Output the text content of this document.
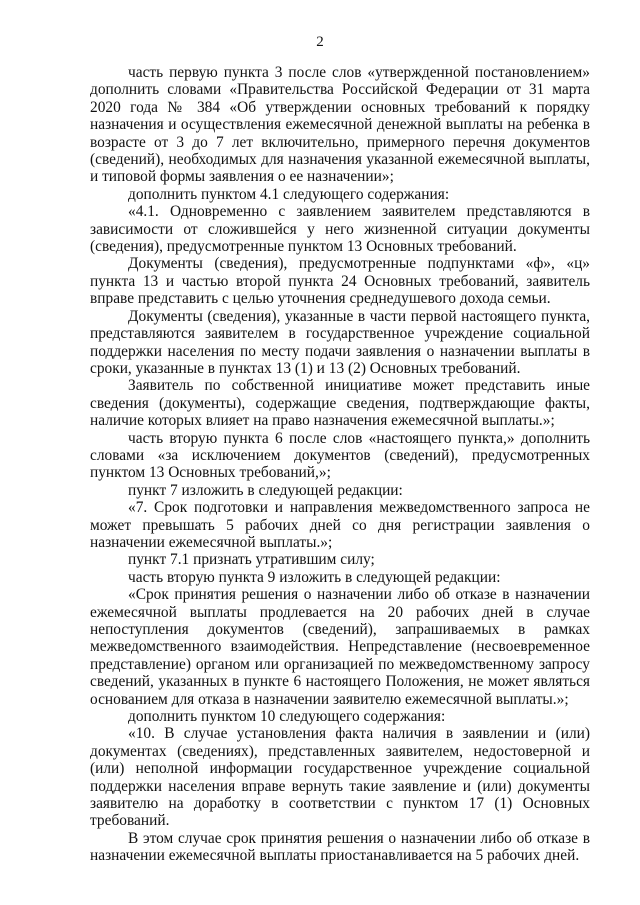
2

часть первую пункта 3 после слов «утвержденной постановлением» дополнить словами «Правительства Российской Федерации от 31 марта 2020 года № 384 «Об утверждении основных требований к порядку назначения и осуществления ежемесячной денежной выплаты на ребенка в возрасте от 3 до 7 лет включительно, примерного перечня документов (сведений), необходимых для назначения указанной ежемесячной выплаты, и типовой формы заявления о ее назначении»;

дополнить пунктом 4.1 следующего содержания:

«4.1. Одновременно с заявлением заявителем представляются в зависимости от сложившейся у него жизненной ситуации документы (сведения), предусмотренные пунктом 13 Основных требований.

Документы (сведения), предусмотренные подпунктами «ф», «ц» пункта 13 и частью второй пункта 24 Основных требований, заявитель вправе представить с целью уточнения среднедушевого дохода семьи.

Документы (сведения), указанные в части первой настоящего пункта, представляются заявителем в государственное учреждение социальной поддержки населения по месту подачи заявления о назначении выплаты в сроки, указанные в пунктах 13 (1) и 13 (2) Основных требований.

Заявитель по собственной инициативе может представить иные сведения (документы), содержащие сведения, подтверждающие факты, наличие которых влияет на право назначения ежемесячной выплаты.»;

часть вторую пункта 6 после слов «настоящего пункта,» дополнить словами «за исключением документов (сведений), предусмотренных пунктом 13 Основных требований,»;

пункт 7 изложить в следующей редакции:

«7. Срок подготовки и направления межведомственного запроса не может превышать 5 рабочих дней со дня регистрации заявления о назначении ежемесячной выплаты.»;

пункт 7.1 признать утратившим силу;

часть вторую пункта 9 изложить в следующей редакции:

«Срок принятия решения о назначении либо об отказе в назначении ежемесячной выплаты продлевается на 20 рабочих дней в случае непоступления документов (сведений), запрашиваемых в рамках межведомственного взаимодействия. Непредставление (несвоевременное представление) органом или организацией по межведомственному запросу сведений, указанных в пункте 6 настоящего Положения, не может являться основанием для отказа в назначении заявителю ежемесячной выплаты.»;

дополнить пунктом 10 следующего содержания:

«10. В случае установления факта наличия в заявлении и (или) документах (сведениях), представленных заявителем, недостоверной и (или) неполной информации государственное учреждение социальной поддержки населения вправе вернуть такие заявление и (или) документы заявителю на доработку в соответствии с пунктом 17 (1) Основных требований.

В этом случае срок принятия решения о назначении либо об отказе в назначении ежемесячной выплаты приостанавливается на 5 рабочих дней.
